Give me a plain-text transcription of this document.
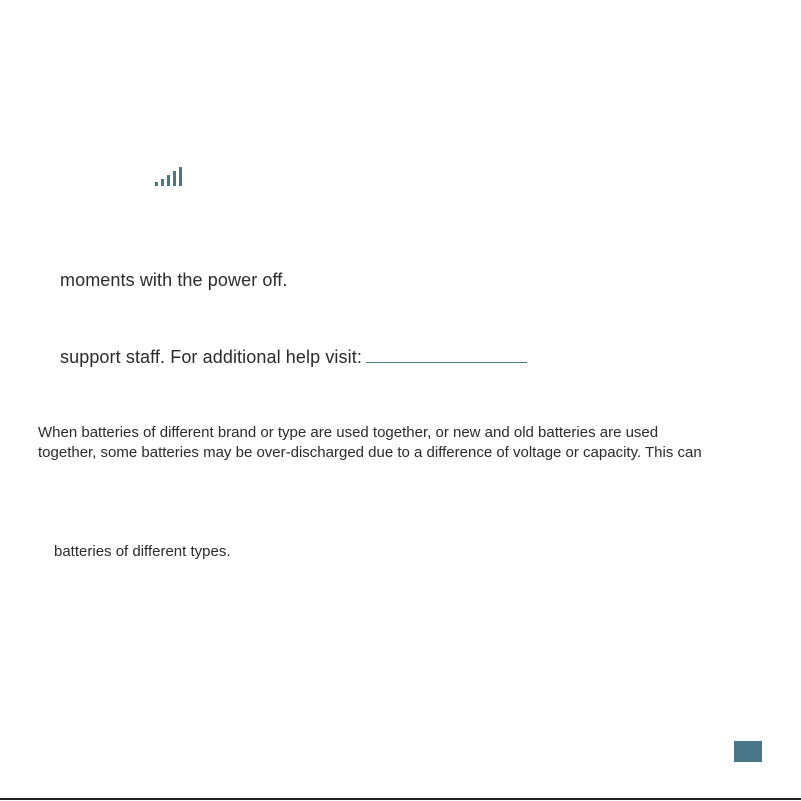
moments with the power off.
support staff. For additional help visit:
When batteries of different brand or type are used together, or new and old batteries are used
together, some batteries may be over-discharged due to a difference of voltage or capacity. This can
batteries of different types.
